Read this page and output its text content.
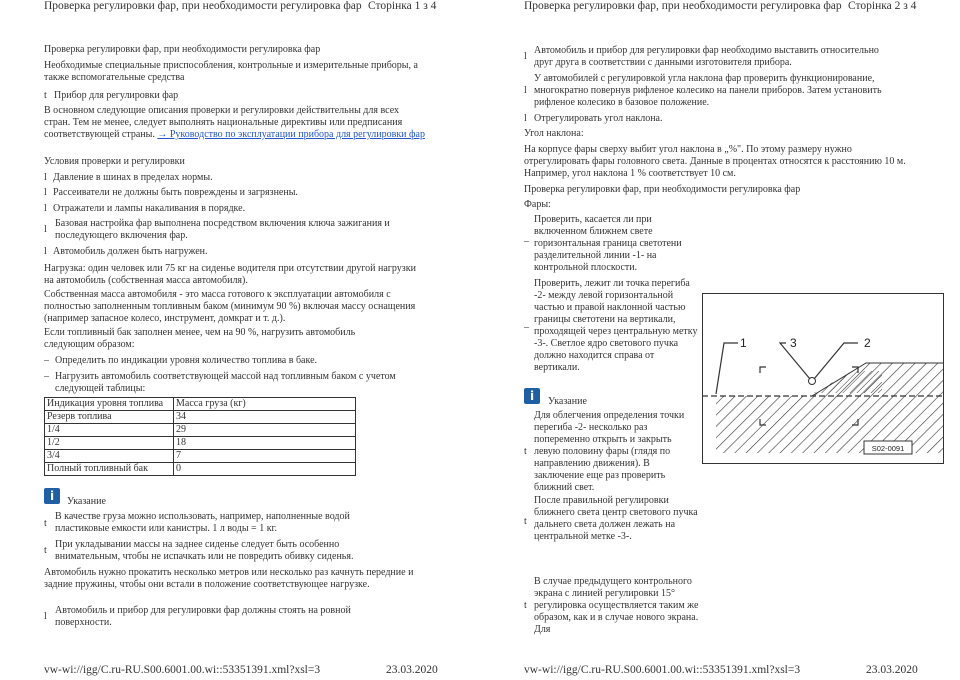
Проверка регулировки фар, при необходимости регулировка фар Сторінка 1 з 4

Проверка регулировки фар, при необходимости регулировка фар

Необходимые специальные приспособления, контрольные и измерительные приборы, а также вспомогательные средства

t Прибор для регулировки фар

В основном следующие описания проверки и регулировки действительны для всех стран. Тем не менее, следует выполнять национальные директивы или предписания соответствующей страны. → Руководство по эксплуатации прибора для регулировки фар

Условия проверки и регулировки

l Давление в шинах в пределах нормы.

l Рассеиватели не должны быть повреждены и загрязнены.

l Отражатели и лампы накаливания в порядке.

l

Базовая настройка фар выполнена посредством включения ключа зажигания и последующего включения фар.

l Автомобиль должен быть нагружен.

Нагрузка: один человек или 75 кг на сиденье водителя при отсутствии другой нагрузки на автомобиль (собственная масса автомобиля).

Собственная масса автомобиля - это масса готового к эксплуатации автомобиля с полностью заполненным топливным баком (минимум 90 %) включая массу оснащения (например запасное колесо, инструмент, домкрат и т. д.).

Если топливный бак заполнен менее, чем на 90 %, нагрузить автомобиль следующим образом:

– Определить по индикации уровня количество топлива в баке.

– Нагрузить автомобиль соответствующей массой над топливным баком с учетом следующей таблицы:

Индикация уровня топлива	Масса груза (кг)
Резерв топлива	34
1/4	29
1/2	18
3/4	7
Полный топливный бак	0
i	Указание

t

В качестве груза можно использовать, например, наполненные водой пластиковые емкости или канистры. 1 л воды = 1 кг.

t

При укладывании массы на заднее сиденье следует быть особенно внимательным, чтобы не испачкать или не повредить обивку сиденья.

Автомобиль нужно прокатить несколько метров или несколько раз качнуть передние и задние пружины, чтобы они встали в положение соответствующее нагрузке.

l

Автомобиль и прибор для регулировки фар должны стоять на ровной поверхности.

vw-wi://igg/C.ru-RU.S00.6001.00.wi::53351391.xml?xsl=3	23.03.2020
Проверка регулировки фар, при необходимости регулировка фар Сторінка 2 з 4
l

Автомобиль и прибор для регулировки фар необходимо выставить относительно друг друга в соответствии с данными изготовителя прибора.

l

У автомобилей с регулировкой угла наклона фар проверить функционирование, многократно повернув рифленое колесико на панели приборов. Затем установить рифленое колесико в базовое положение.

l Отрегулировать угол наклона.

Угол наклона:

На корпусе фары сверху выбит угол наклона в „%". По этому размеру нужно отрегулировать фары головного света. Данные в процентах относятся к расстоянию 10 м. Например, угол наклона 1 % соответствует 10 см.

Проверка регулировки фар, при необходимости регулировка фар

Фары:

_

Проверить, касается ли при включенном ближнем свете горизонтальная граница светотени разделительной линии -1- на контрольной плоскости.

_

Проверить, лежит ли точка перегиба -2- между левой горизонтальной частью и правой наклонной частью границы светотени на вертикали, проходящей через центральную метку -3-. Светлое ядро светового пучка должно находится справа от вертикали.

i	Указание

t

Для облегчения определения точки перегиба -2- несколько раз попеременно открыть и закрыть левую половину фары (глядя по направлению движения). В заключение еще раз проверить ближний свет.

t

После правильной регулировки ближнего света центр светового пучка дальнего света должен лежать на центральной метке -3-.

t

В случае предыдущего контрольного экрана с линией регулировки 15° регулировка осуществляется таким же образом, как и в случае нового экрана. Для

1	3	2
S02-0091
vw-wi://igg/C.ru-RU.S00.6001.00.wi::53351391.xml?xsl=3	23.03.2020
